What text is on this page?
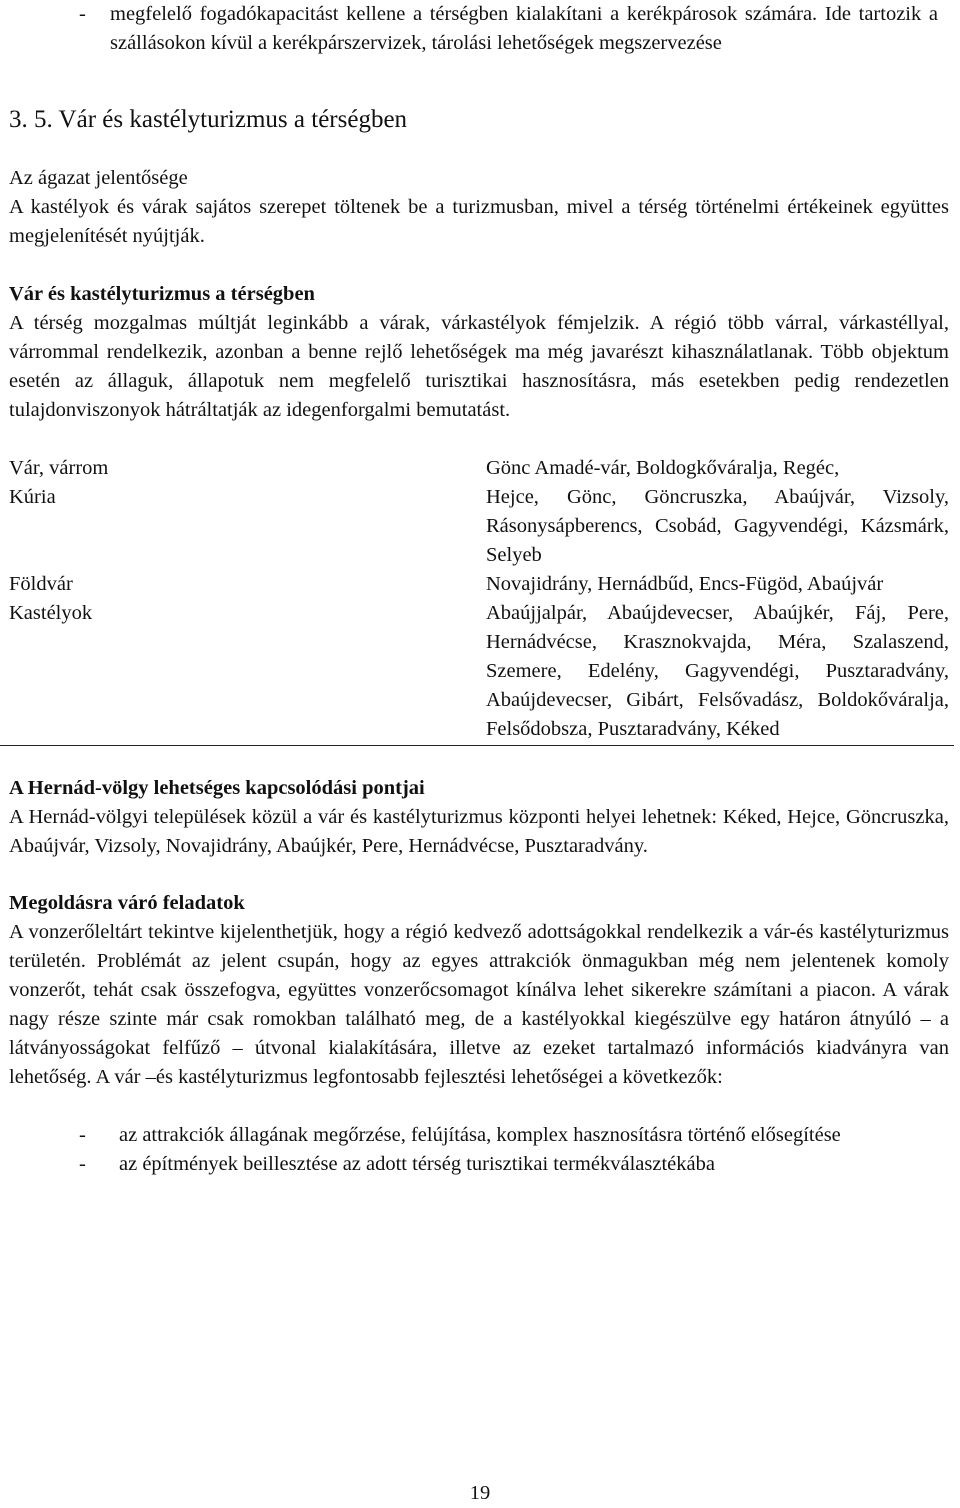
-	megfelelő fogadókapacitást kellene a térségben kialakítani a kerékpárosok számára. Ide tartozik a szállásokon kívül a kerékpárszervizek, tárolási lehetőségek megszervezése
3. 5. Vár és kastélyturizmus a térségben

Az ágazat jelentősége

A kastélyok és várak sajátos szerepet töltenek be a turizmusban, mivel a térség történelmi értékeinek együttes megjelenítését nyújtják.

Vár és kastélyturizmus a térségben

A térség mozgalmas múltját leginkább a várak, várkastélyok fémjelzik. A régió több várral, várkastéllyal, várrommal rendelkezik, azonban a benne rejlő lehetőségek ma még javarészt kihasználatlanak. Több objektum esetén az állaguk, állapotuk nem megfelelő turisztikai hasznosításra, más esetekben pedig rendezetlen tulajdonviszonyok hátráltatják az idegenforgalmi bemutatást.

Vár, várrom	Gönc Amadé-vár, Boldogkőváralja, Regéc,
Kúria	Hejce, Gönc, Göncruszka, Abaújvár, Vizsoly, Rásonysápberencs, Csobád, Gagyvendégi, Kázsmárk, Selyeb
Földvár	Novajidrány, Hernádbűd, Encs-Fügöd, Abaújvár
Kastélyok	Abaújjalpár, Abaújdevecser, Abaújkér, Fáj, Pere, Hernádvécse, Krasznokvajda, Méra, Szalaszend, Szemere, Edelény, Gagyvendégi, Pusztaradvány, Abaújdevecser, Gibárt, Felsővadász, Boldokőváralja, Felsődobsza, Pusztaradvány, Kéked

A Hernád-völgy lehetséges kapcsolódási pontjai

A Hernád-völgyi települések közül a vár és kastélyturizmus központi helyei lehetnek: Kéked, Hejce, Göncruszka, Abaújvár, Vizsoly, Novajidrány, Abaújkér, Pere, Hernádvécse, Pusztaradvány.

Megoldásra váró feladatok

A vonzerőleltárt tekintve kijelenthetjük, hogy a régió kedvező adottságokkal rendelkezik a vár-és kastélyturizmus területén. Problémát az jelent csupán, hogy az egyes attrakciók önmagukban még nem jelentenek komoly vonzerőt, tehát csak összefogva, együttes vonzerőcsomagot kínálva lehet sikerekre számítani a piacon. A várak nagy része szinte már csak romokban található meg, de a kastélyokkal kiegészülve egy határon átnyúló – a látványosságokat felfűző – útvonal kialakítására, illetve az ezeket tartalmazó információs kiadványra van lehetőség. A vár –és kastélyturizmus legfontosabb fejlesztési lehetőségei a következők:

-	az attrakciók állagának megőrzése, felújítása, komplex hasznosításra történő elősegítése
-	az építmények beillesztése az adott térség turisztikai termékválasztékába
19
